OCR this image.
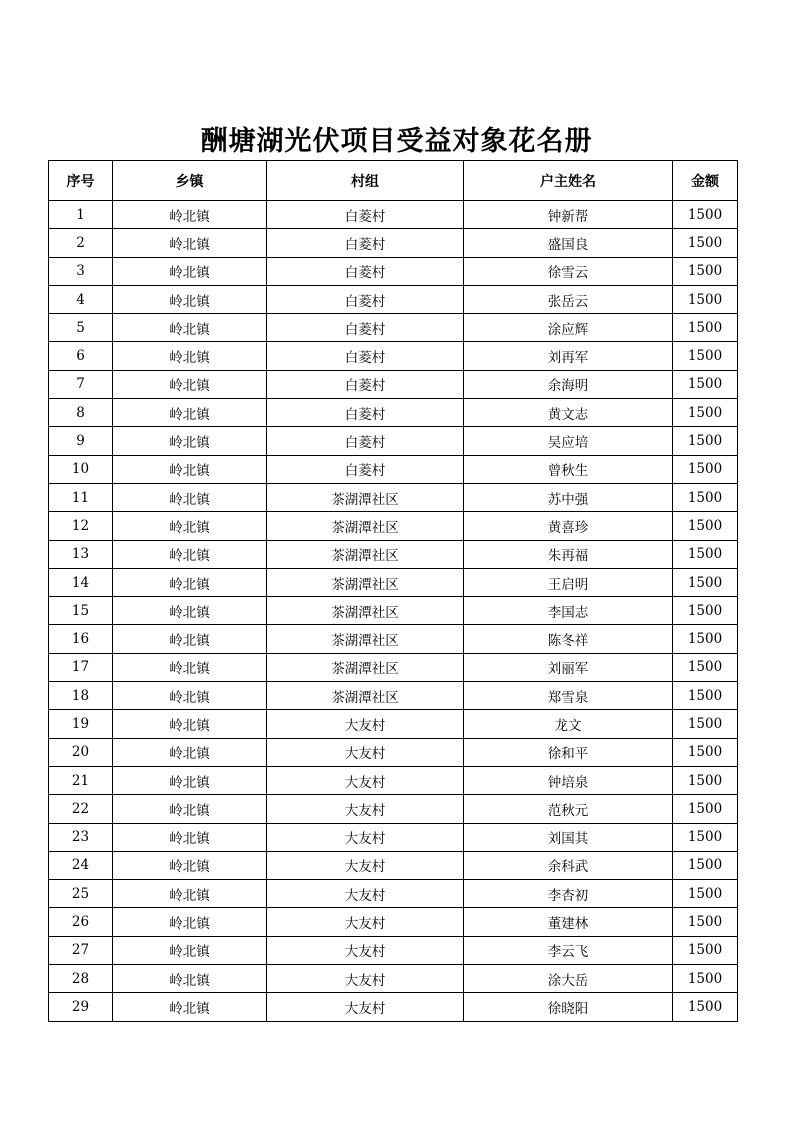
酬塘湖光伏项目受益对象花名册
序号	乡镇	村组	户主姓名	金额
1	岭北镇	白菱村	钟新帮	1500
2	岭北镇	白菱村	盛国良	1500
3	岭北镇	白菱村	徐雪云	1500
4	岭北镇	白菱村	张岳云	1500
5	岭北镇	白菱村	涂应辉	1500
6	岭北镇	白菱村	刘再军	1500
7	岭北镇	白菱村	余海明	1500
8	岭北镇	白菱村	黄文志	1500
9	岭北镇	白菱村	吴应培	1500
10	岭北镇	白菱村	曾秋生	1500
11	岭北镇	茶湖潭社区	苏中强	1500
12	岭北镇	茶湖潭社区	黄喜珍	1500
13	岭北镇	茶湖潭社区	朱再福	1500
14	岭北镇	茶湖潭社区	王启明	1500
15	岭北镇	茶湖潭社区	李国志	1500
16	岭北镇	茶湖潭社区	陈冬祥	1500
17	岭北镇	茶湖潭社区	刘丽军	1500
18	岭北镇	茶湖潭社区	郑雪泉	1500
19	岭北镇	大友村	龙文	1500
20	岭北镇	大友村	徐和平	1500
21	岭北镇	大友村	钟培泉	1500
22	岭北镇	大友村	范秋元	1500
23	岭北镇	大友村	刘国其	1500
24	岭北镇	大友村	余科武	1500
25	岭北镇	大友村	李杏初	1500
26	岭北镇	大友村	董建林	1500
27	岭北镇	大友村	李云飞	1500
28	岭北镇	大友村	涂大岳	1500
29	岭北镇	大友村	徐晓阳	1500
